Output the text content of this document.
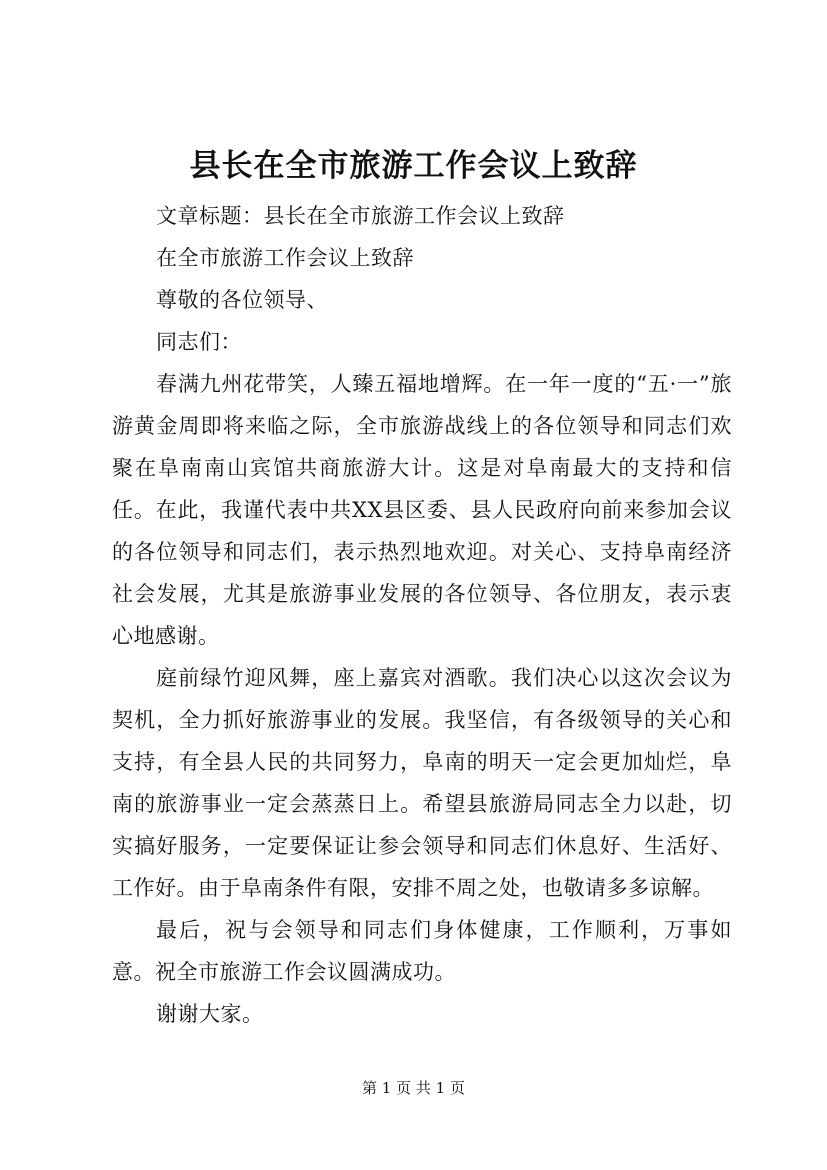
县长在全市旅游工作会议上致辞

文章标题：县长在全市旅游工作会议上致辞

在全市旅游工作会议上致辞

尊敬的各位领导、

同志们：

春满九州花带笑，人臻五福地增辉。在一年一度的“五·一”旅游黄金周即将来临之际，全市旅游战线上的各位领导和同志们欢聚在阜南南山宾馆共商旅游大计。这是对阜南最大的支持和信任。在此，我谨代表中共XX县区委、县人民政府向前来参加会议的各位领导和同志们，表示热烈地欢迎。对关心、支持阜南经济社会发展，尤其是旅游事业发展的各位领导、各位朋友，表示衷心地感谢。

庭前绿竹迎风舞，座上嘉宾对酒歌。我们决心以这次会议为契机，全力抓好旅游事业的发展。我坚信，有各级领导的关心和支持，有全县人民的共同努力，阜南的明天一定会更加灿烂，阜南的旅游事业一定会蒸蒸日上。希望县旅游局同志全力以赴，切实搞好服务，一定要保证让参会领导和同志们休息好、生活好、工作好。由于阜南条件有限，安排不周之处，也敬请多多谅解。

最后，祝与会领导和同志们身体健康，工作顺利，万事如意。祝全市旅游工作会议圆满成功。

谢谢大家。

第 1 页 共 1 页
